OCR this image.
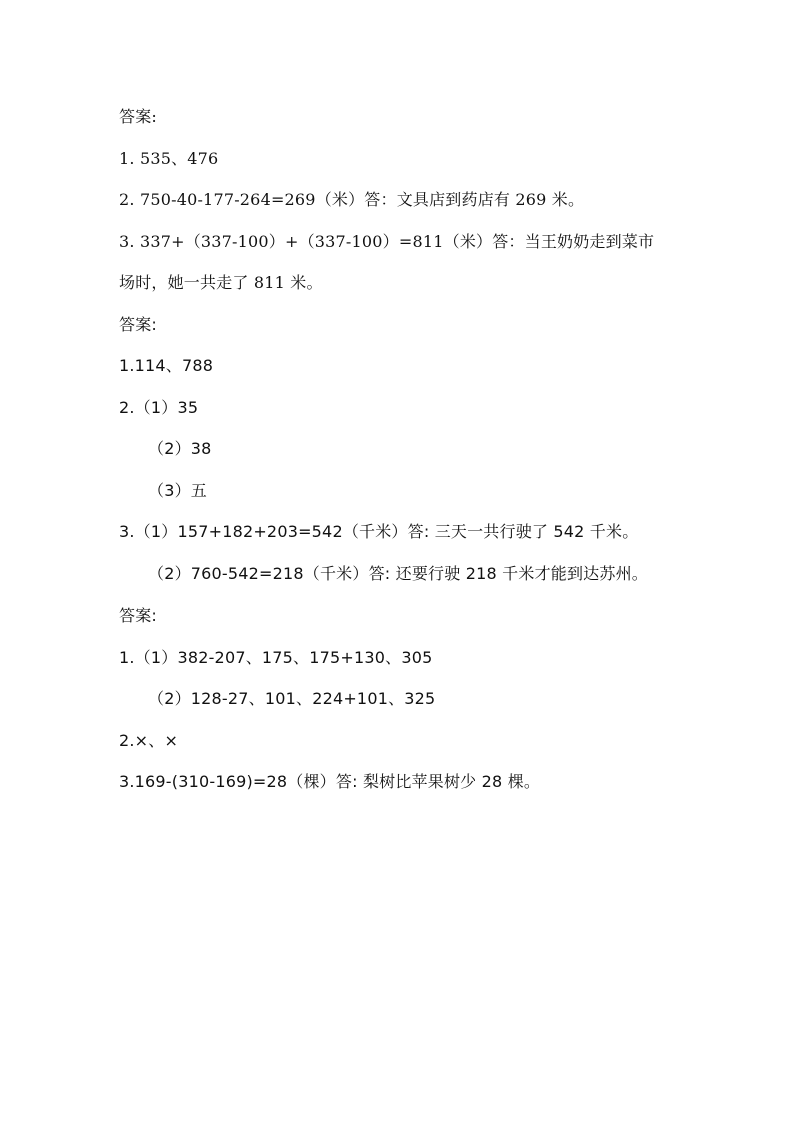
答案:
1. 535、476
2. 750-40-177-264=269（米）答：文具店到药店有 269 米。
3. 337+（337-100）+（337-100）=811（米）答：当王奶奶走到菜市
场时，她一共走了 811 米。
答案:
1.114、788
2.（1）35
（2）38
（3）五
3.（1）157+182+203=542（千米）答: 三天一共行驶了 542 千米。
（2）760-542=218（千米）答: 还要行驶 218 千米才能到达苏州。
答案:
1.（1）382-207、175、175+130、305
（2）128-27、101、224+101、325
2.×、×
3.169-(310-169)=28（棵）答: 梨树比苹果树少 28 棵。
